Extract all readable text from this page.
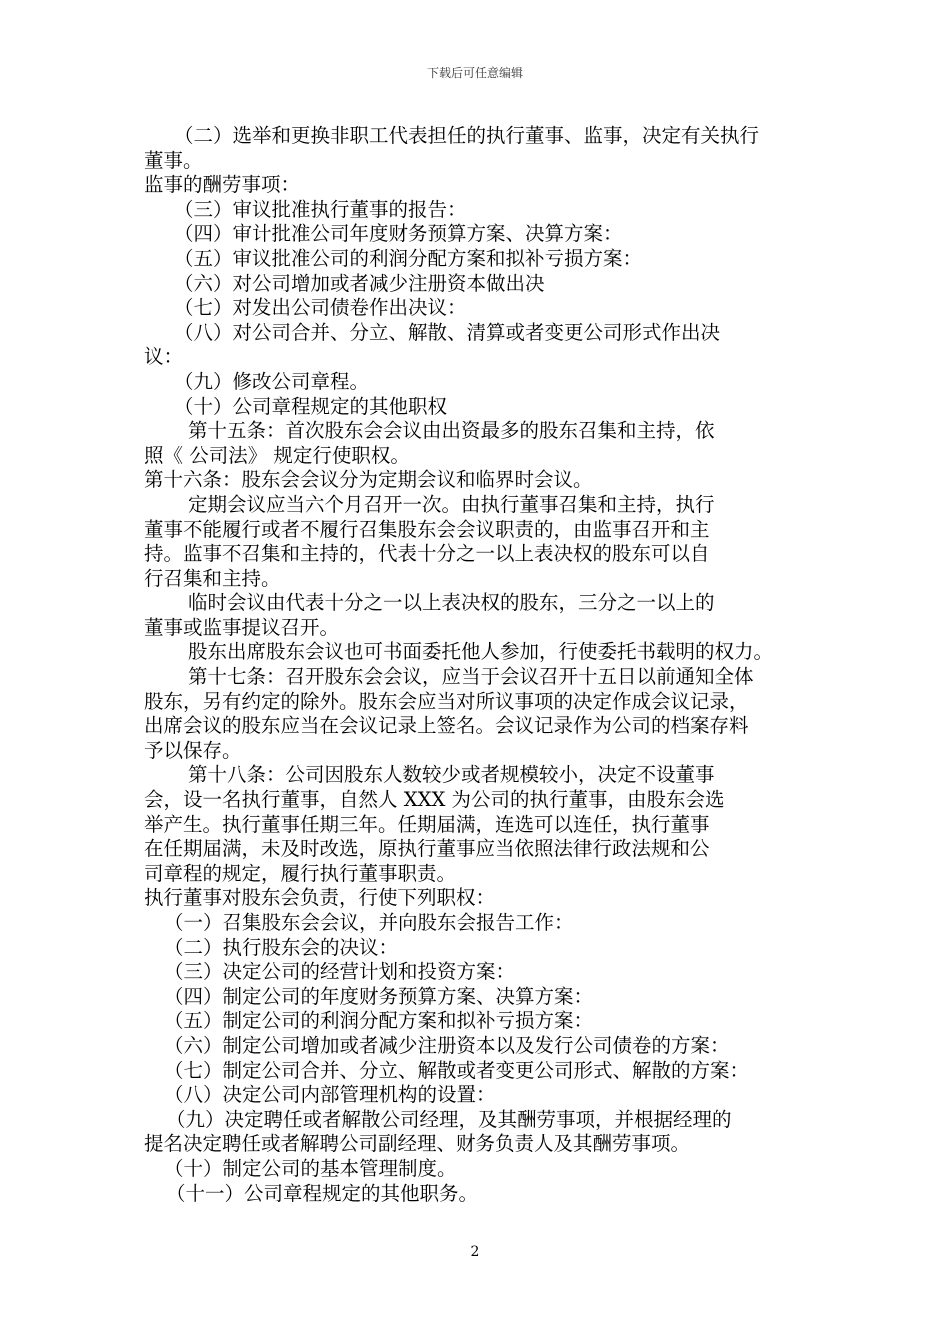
下载后可任意编辑
（二）选举和更换非职工代表担任的执行董事、监事，决定有关执行
董事。
监事的酬劳事项：
（三）审议批准执行董事的报告：
（四）审计批准公司年度财务预算方案、决算方案：
（五）审议批准公司的利润分配方案和拟补亏损方案：
（六）对公司增加或者减少注册资本做出决
（七）对发出公司债卷作出决议：
（八）对公司合并、分立、解散、清算或者变更公司形式作出决
议：
（九）修改公司章程。
（十）公司章程规定的其他职权
第十五条：首次股东会会议由出资最多的股东召集和主持，依
照《 公司法》 规定行使职权。
第十六条：股东会会议分为定期会议和临界时会议。
定期会议应当六个月召开一次。由执行董事召集和主持，执行
董事不能履行或者不履行召集股东会会议职责的，由监事召开和主
持。监事不召集和主持的，代表十分之一以上表决权的股东可以自
行召集和主持。
临时会议由代表十分之一以上表决权的股东，三分之一以上的
董事或监事提议召开。
股东出席股东会议也可书面委托他人参加，行使委托书载明的权力。
第十七条：召开股东会会议，应当于会议召开十五日以前通知全体
股东，另有约定的除外。股东会应当对所议事项的决定作成会议记录，
出席会议的股东应当在会议记录上签名。会议记录作为公司的档案存料
予以保存。
第十八条：公司因股东人数较少或者规模较小，决定不设董事
会，设一名执行董事，自然人 XXX 为公司的执行董事，由股东会选
举产生。执行董事任期三年。任期届满，连选可以连任，执行董事
在任期届满，未及时改选，原执行董事应当依照法律行政法规和公
司章程的规定，履行执行董事职责。
执行董事对股东会负责，行使下列职权：
（一）召集股东会会议，并向股东会报告工作：
（二）执行股东会的决议：
（三）决定公司的经营计划和投资方案：
（四）制定公司的年度财务预算方案、决算方案：
（五）制定公司的利润分配方案和拟补亏损方案：
（六）制定公司增加或者减少注册资本以及发行公司债卷的方案：
（七）制定公司合并、分立、解散或者变更公司形式、解散的方案：
（八）决定公司内部管理机构的设置：
（九）决定聘任或者解散公司经理，及其酬劳事项，并根据经理的
提名决定聘任或者解聘公司副经理、财务负责人及其酬劳事项。
（十）制定公司的基本管理制度。
（十一）公司章程规定的其他职务。
2
